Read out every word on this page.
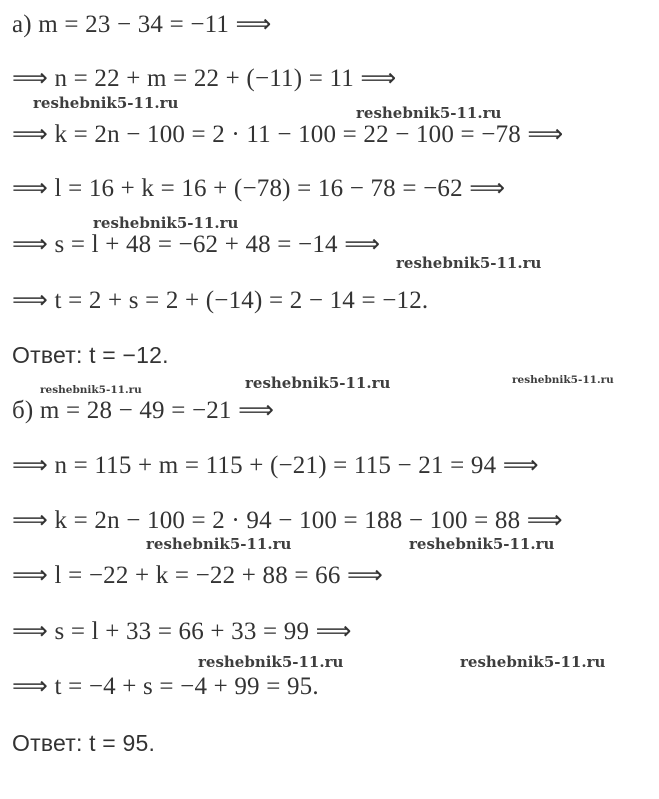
а) m = 23 − 34 = −11 ⟹
⟹ n = 22 + m = 22 + (−11) = 11 ⟹
⟹ k = 2n − 100 = 2 · 11 − 100 = 22 − 100 = −78 ⟹
⟹ l = 16 + k = 16 + (−78) = 16 − 78 = −62 ⟹
⟹ s = l + 48 = −62 + 48 = −14 ⟹
⟹ t = 2 + s = 2 + (−14) = 2 − 14 = −12.
Ответ: t = −12.
б) m = 28 − 49 = −21 ⟹
⟹ n = 115 + m = 115 + (−21) = 115 − 21 = 94 ⟹
⟹ k = 2n − 100 = 2 · 94 − 100 = 188 − 100 = 88 ⟹
⟹ l = −22 + k = −22 + 88 = 66 ⟹
⟹ s = l + 33 = 66 + 33 = 99 ⟹
⟹ t = −4 + s = −4 + 99 = 95.
Ответ: t = 95.
reshebnik5-11.ru
reshebnik5-11.ru
reshebnik5-11.ru
reshebnik5-11.ru
reshebnik5-11.ru	reshebnik5-11.ru	reshebnik5-11.ru
reshebnik5-11.ru	reshebnik5-11.ru
reshebnik5-11.ru	reshebnik5-11.ru
